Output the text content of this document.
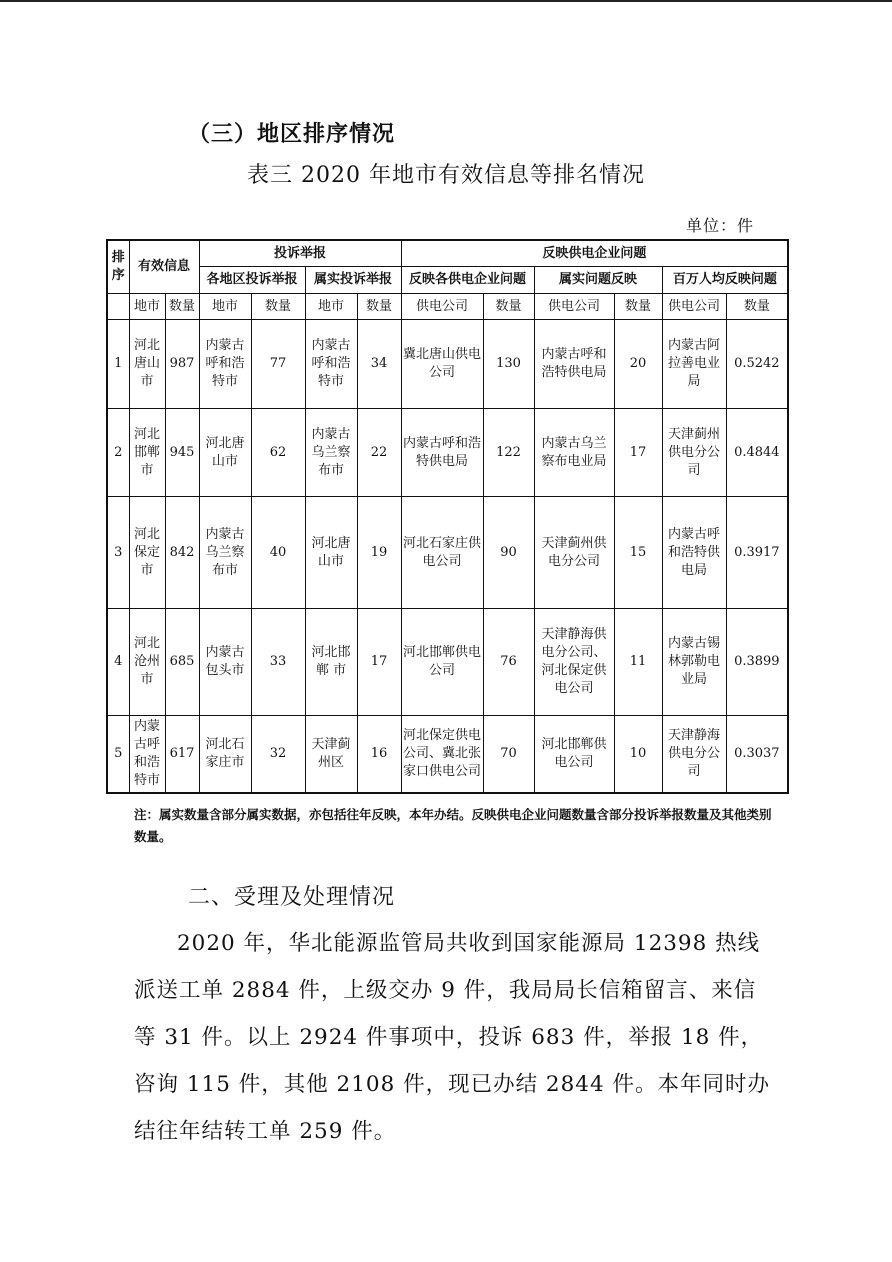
（三）地区排序情况
表三 2020 年地市有效信息等排名情况
单位：件
排序	有效信息		投诉举报				反映供电企业问题					
			各地区投诉举报		属实投诉举报		反映各供电企业问题		属实问题反映		百万人均反映问题	
	地市	数量	地市	数量	地市	数量	供电公司	数量	供电公司	数量	供电公司	数量
1	河北唐山市	987	内蒙古呼和浩特市	77	内蒙古呼和浩特市	34	冀北唐山供电公司	130	内蒙古呼和浩特供电局	20	内蒙古阿拉善电业局	0.5242
2	河北邯郸市	945	河北唐山市	62	内蒙古乌兰察布市	22	内蒙古呼和浩特供电局	122	内蒙古乌兰察布电业局	17	天津蓟州供电分公司	0.4844
3	河北保定市	842	内蒙古乌兰察布市	40	河北唐山市	19	河北石家庄供电公司	90	天津蓟州供电分公司	15	内蒙古呼和浩特供电局	0.3917
4	河北沧州市	685	内蒙古包头市	33	河北邯郸 市	17	河北邯郸供电公司	76	天津静海供电分公司、河北保定供电公司	11	内蒙古锡林郭勒电业局	0.3899
5	内蒙古呼和浩特市	617	河北石家庄市	32	天津蓟州区	16	河北保定供电公司、冀北张家口供电公司	70	河北邯郸供电公司	10	天津静海供电分公司	0.3037
注：属实数量含部分属实数据，亦包括往年反映，本年办结。反映供电企业问题数量含部分投诉举报数量及其他类别数量。
二、受理及处理情况

2020 年，华北能源监管局共收到国家能源局 12398 热线派送工单 2884 件，上级交办 9 件，我局局长信箱留言、来信等 31 件。以上 2924 件事项中，投诉 683 件，举报 18 件，咨询 115 件，其他 2108 件，现已办结 2844 件。本年同时办结往年结转工单 259 件。
